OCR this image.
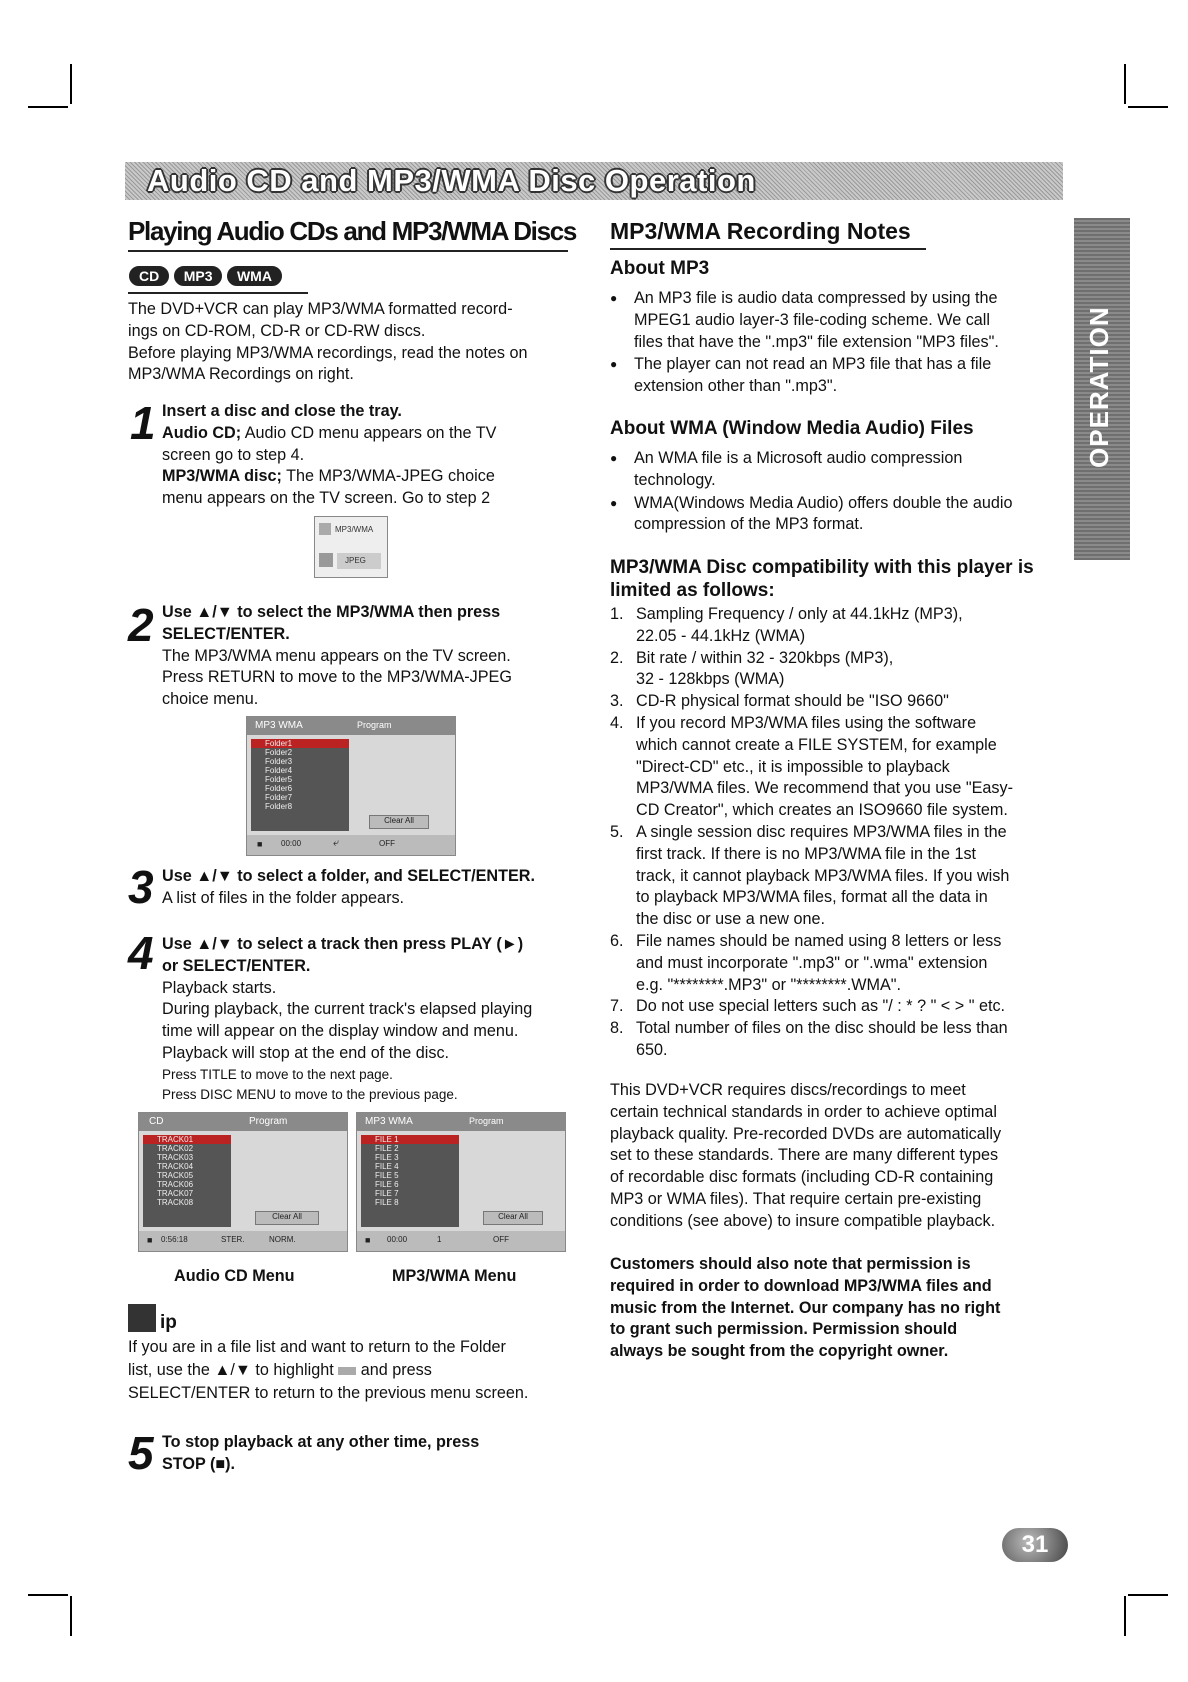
Audio CD and MP3/WMA Disc Operation
OPERATION
Playing Audio CDs and MP3/WMA Discs
CD MP3 WMA
The DVD+VCR can play MP3/WMA formatted record-
ings on CD-ROM, CD-R or CD-RW discs.
Before playing MP3/WMA recordings, read the notes on
MP3/WMA Recordings on right.
1 Insert a disc and close the tray.
Audio CD; Audio CD menu appears on the TV
screen go to step 4.
MP3/WMA disc; The MP3/WMA-JPEG choice
menu appears on the TV screen. Go to step 2
MP3/WMA
JPEG
2 Use ▲/▼ to select the MP3/WMA then press
SELECT/ENTER.
The MP3/WMA menu appears on the TV screen.
Press RETURN to move to the MP3/WMA-JPEG
choice menu.
MP3 WMA	Program
Folder1
Folder2
Folder3
Folder4
Folder5
Folder6
Folder7
Folder8
Clear All
■ 00:00	⤶	OFF
3 Use ▲/▼ to select a folder, and SELECT/ENTER.
A list of files in the folder appears.
4 Use ▲/▼ to select a track then press PLAY (►)
or SELECT/ENTER.
Playback starts.
During playback, the current track's elapsed playing
time will appear on the display window and menu.
Playback will stop at the end of the disc.
Press TITLE to move to the next page.
Press DISC MENU to move to the previous page.
CD	Program
TRACK01
TRACK02
TRACK03
TRACK04
TRACK05
TRACK06
TRACK07
TRACK08
Clear All
■ 0:56:18	STER.	NORM.
MP3 WMA	Program
FILE 1
FILE 2
FILE 3
FILE 4
FILE 5
FILE 6
FILE 7
FILE 8
Clear All
■ 00:00	1	OFF
Audio CD Menu	MP3/WMA Menu
ip
If you are in a file list and want to return to the Folder
list, use the ▲/▼ to highlight and press
SELECT/ENTER to return to the previous menu screen.
5 To stop playback at any other time, press
STOP (■).
MP3/WMA Recording Notes
About MP3
● An MP3 file is audio data compressed by using the
MPEG1 audio layer-3 file-coding scheme. We call
files that have the ".mp3" file extension "MP3 files".
● The player can not read an MP3 file that has a file
extension other than ".mp3".
About WMA (Window Media Audio) Files
● An WMA file is a Microsoft audio compression
technology.
● WMA(Windows Media Audio) offers double the audio
compression of the MP3 format.
MP3/WMA Disc compatibility with this player is
limited as follows:
1. Sampling Frequency / only at 44.1kHz (MP3),
22.05 - 44.1kHz (WMA)
2. Bit rate / within 32 - 320kbps (MP3),
32 - 128kbps (WMA)
3. CD-R physical format should be "ISO 9660"
4. If you record MP3/WMA files using the software
which cannot create a FILE SYSTEM, for example
"Direct-CD" etc., it is impossible to playback
MP3/WMA files. We recommend that you use "Easy-
CD Creator", which creates an ISO9660 file system.
5. A single session disc requires MP3/WMA files in the
first track. If there is no MP3/WMA file in the 1st
track, it cannot playback MP3/WMA files. If you wish
to playback MP3/WMA files, format all the data in
the disc or use a new one.
6. File names should be named using 8 letters or less
and must incorporate ".mp3" or ".wma" extension
e.g. "********.MP3" or "********.WMA".
7. Do not use special letters such as "/ : * ? " < > " etc.
8. Total number of files on the disc should be less than
650.
This DVD+VCR requires discs/recordings to meet
certain technical standards in order to achieve optimal
playback quality. Pre-recorded DVDs are automatically
set to these standards. There are many different types
of recordable disc formats (including CD-R containing
MP3 or WMA files). That require certain pre-existing
conditions (see above) to insure compatible playback.
Customers should also note that permission is
required in order to download MP3/WMA files and
music from the Internet. Our company has no right
to grant such permission. Permission should
always be sought from the copyright owner.
31
